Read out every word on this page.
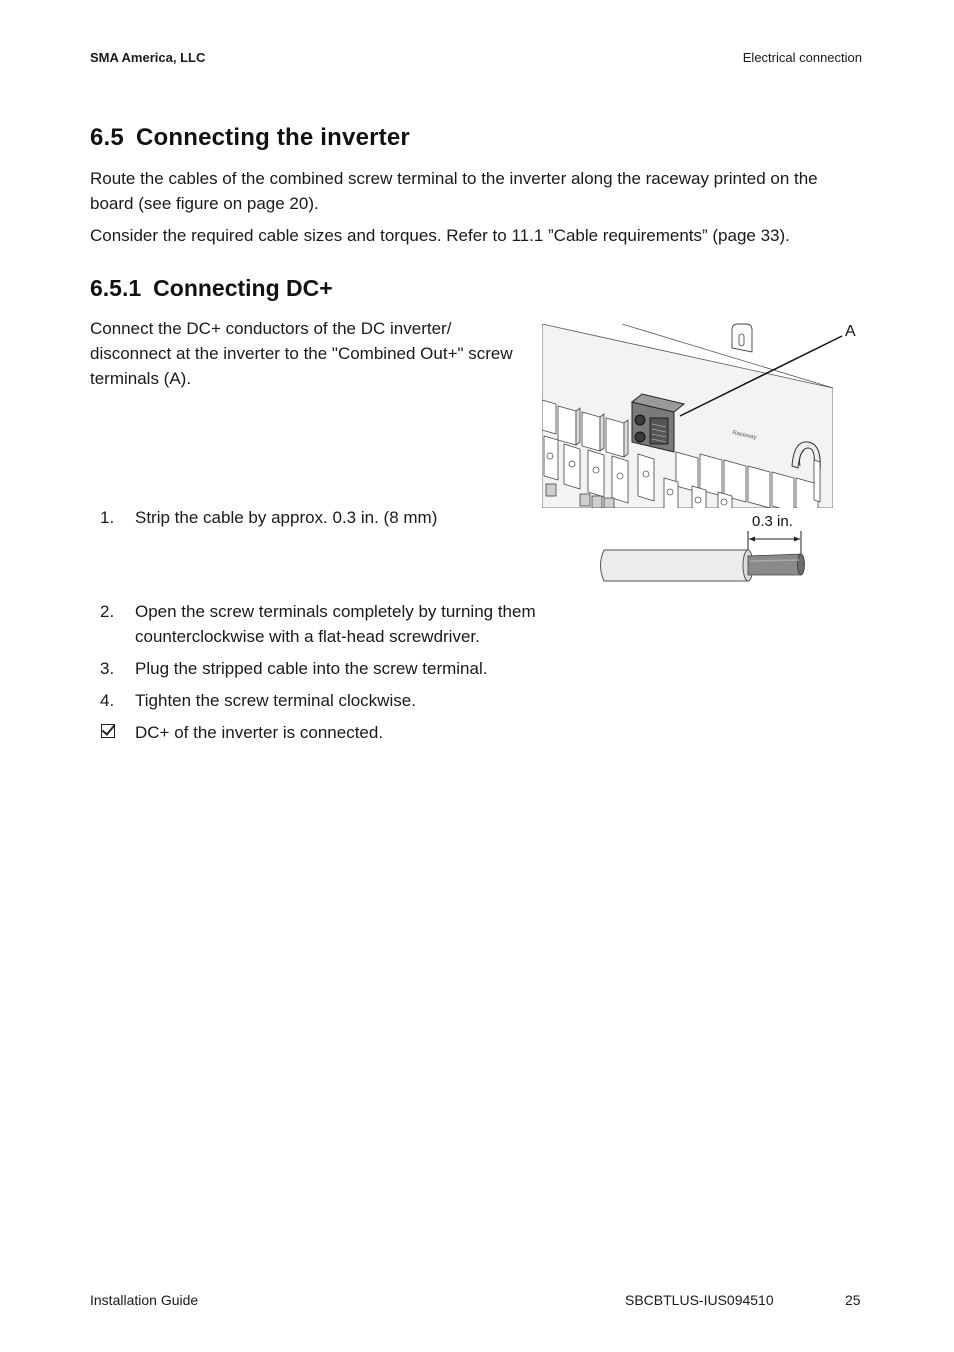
SMA America, LLC	Electrical connection
6.5 Connecting the inverter

Route the cables of the combined screw terminal to the inverter along the raceway printed on the board (see figure on page 20).

Consider the required cable sizes and torques. Refer to 11.1 ”Cable requirements” (page 33).

6.5.1 Connecting DC+

Connect the DC+ conductors of the DC inverter/ disconnect at the inverter to the "Combined Out+" screw terminals (A).

Raceway
A
0.3 in.
1.	Strip the cable by approx. 0.3 in. (8 mm)
2.	Open the screw terminals completely by turning them counterclockwise with a flat-head screwdriver.
3.	Plug the stripped cable into the screw terminal.
4.	Tighten the screw terminal clockwise.
DC+ of the inverter is connected.
Installation Guide	SBCBTLUS-IUS094510	25
